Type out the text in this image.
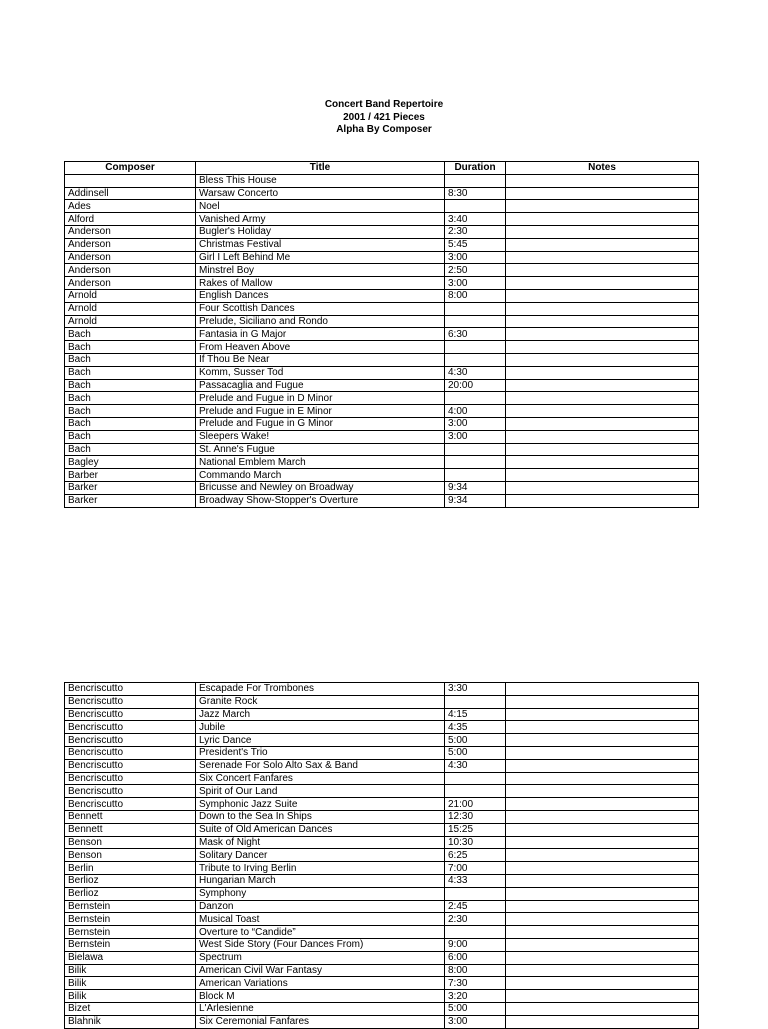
Concert Band Repertoire
2001 / 421 Pieces
Alpha By Composer
Composer	Title	Duration	Notes
	Bless This House		
Addinsell	Warsaw Concerto	8:30	
Ades	Noel		
Alford	Vanished Army	3:40	
Anderson	Bugler's Holiday	2:30	
Anderson	Christmas Festival	5:45	
Anderson	Girl I Left Behind Me	3:00	
Anderson	Minstrel Boy	2:50	
Anderson	Rakes of Mallow	3:00	
Arnold	English Dances	8:00	
Arnold	Four Scottish Dances		
Arnold	Prelude, Siciliano and Rondo		
Bach	Fantasia in G Major	6:30	
Bach	From Heaven Above		
Bach	If Thou Be Near		
Bach	Komm, Susser Tod	4:30	
Bach	Passacaglia and Fugue	20:00	
Bach	Prelude and Fugue in D Minor		
Bach	Prelude and Fugue in E Minor	4:00	
Bach	Prelude and Fugue in G Minor	3:00	
Bach	Sleepers Wake!	3:00	
Bach	St. Anne's Fugue		
Bagley	National Emblem March		
Barber	Commando March		
Barker	Bricusse and Newley on Broadway	9:34	
Barker	Broadway Show-Stopper's Overture	9:34	
Bencriscutto	Escapade For Trombones	3:30	
Bencriscutto	Granite Rock		
Bencriscutto	Jazz March	4:15	
Bencriscutto	Jubile	4:35	
Bencriscutto	Lyric Dance	5:00	
Bencriscutto	President's Trio	5:00	
Bencriscutto	Serenade For Solo Alto Sax & Band	4:30	
Bencriscutto	Six Concert Fanfares		
Bencriscutto	Spirit of Our Land		
Bencriscutto	Symphonic Jazz Suite	21:00	
Bennett	Down to the Sea In Ships	12:30	
Bennett	Suite of Old American Dances	15:25	
Benson	Mask of Night	10:30	
Benson	Solitary Dancer	6:25	
Berlin	Tribute to Irving Berlin	7:00	
Berlioz	Hungarian March	4:33	
Berlioz	Symphony		
Bernstein	Danzon	2:45	
Bernstein	Musical Toast	2:30	
Bernstein	Overture to “Candide”		
Bernstein	West Side Story (Four Dances From)	9:00	
Bielawa	Spectrum	6:00	
Bilik	American Civil War Fantasy	8:00	
Bilik	American Variations	7:30	
Bilik	Block M	3:20	
Bizet	L'Arlesienne	5:00	
Blahnik	Six Ceremonial Fanfares	3:00	
